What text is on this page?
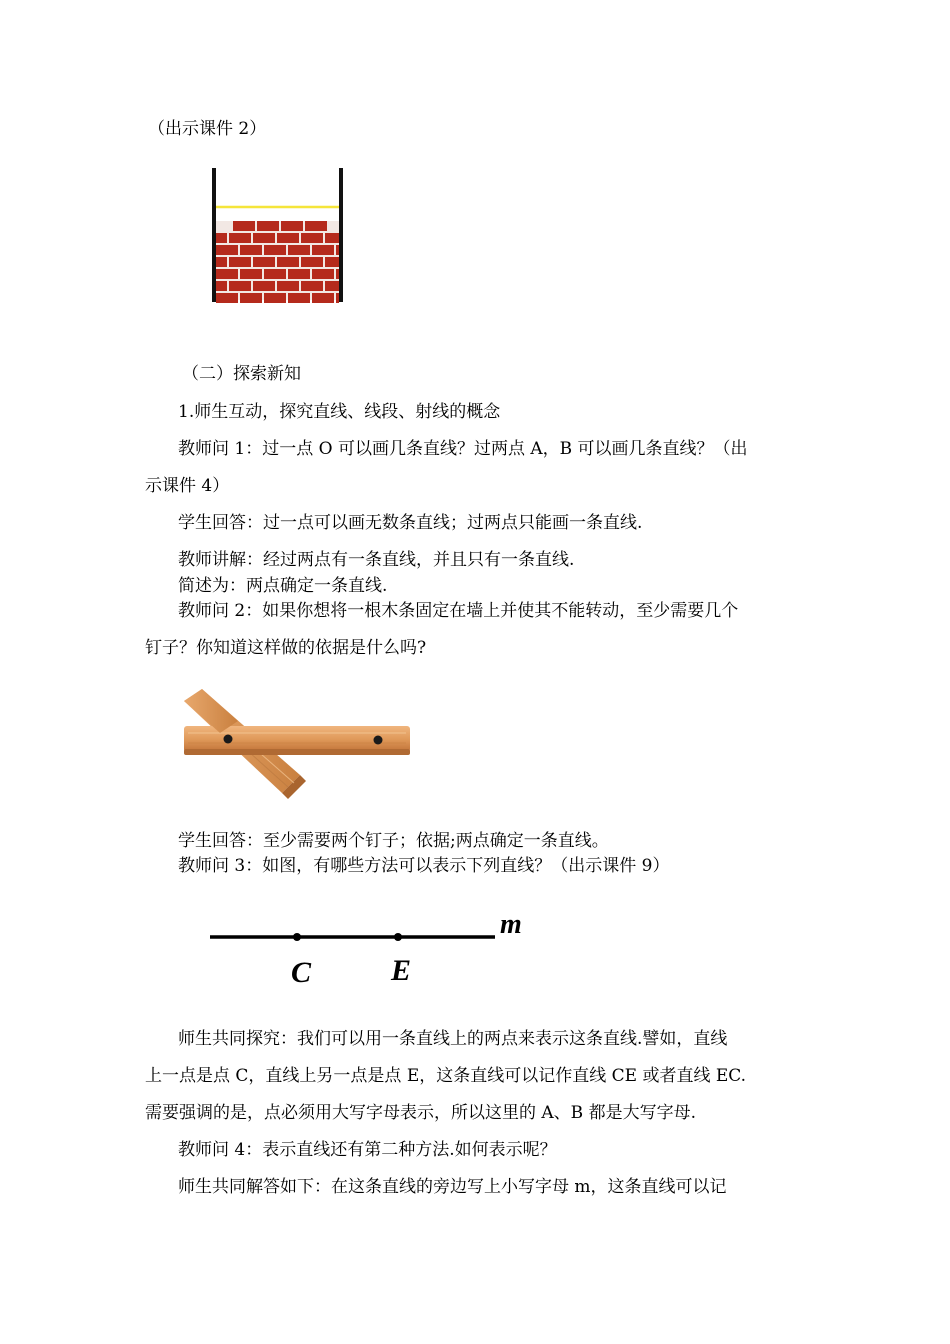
（出示课件 2）
（二）探索新知
1.师生互动，探究直线、线段、射线的概念
教师问 1：过一点 O 可以画几条直线？过两点 A，B 可以画几条直线？（出
示课件 4）
学生回答：过一点可以画无数条直线；过两点只能画一条直线.
教师讲解：经过两点有一条直线，并且只有一条直线.
简述为：两点确定一条直线.
教师问 2：如果你想将一根木条固定在墙上并使其不能转动，至少需要几个
钉子？你知道这样做的依据是什么吗?
学生回答：至少需要两个钉子；依据;两点确定一条直线。
教师问 3：如图，有哪些方法可以表示下列直线？（出示课件 9）
C	E
m
师生共同探究：我们可以用一条直线上的两点来表示这条直线.譬如，直线
上一点是点 C，直线上另一点是点 E，这条直线可以记作直线 CE 或者直线 EC.
需要强调的是，点必须用大写字母表示，所以这里的 A、B 都是大写字母.
教师问 4：表示直线还有第二种方法.如何表示呢？
师生共同解答如下：在这条直线的旁边写上小写字母 m，这条直线可以记
